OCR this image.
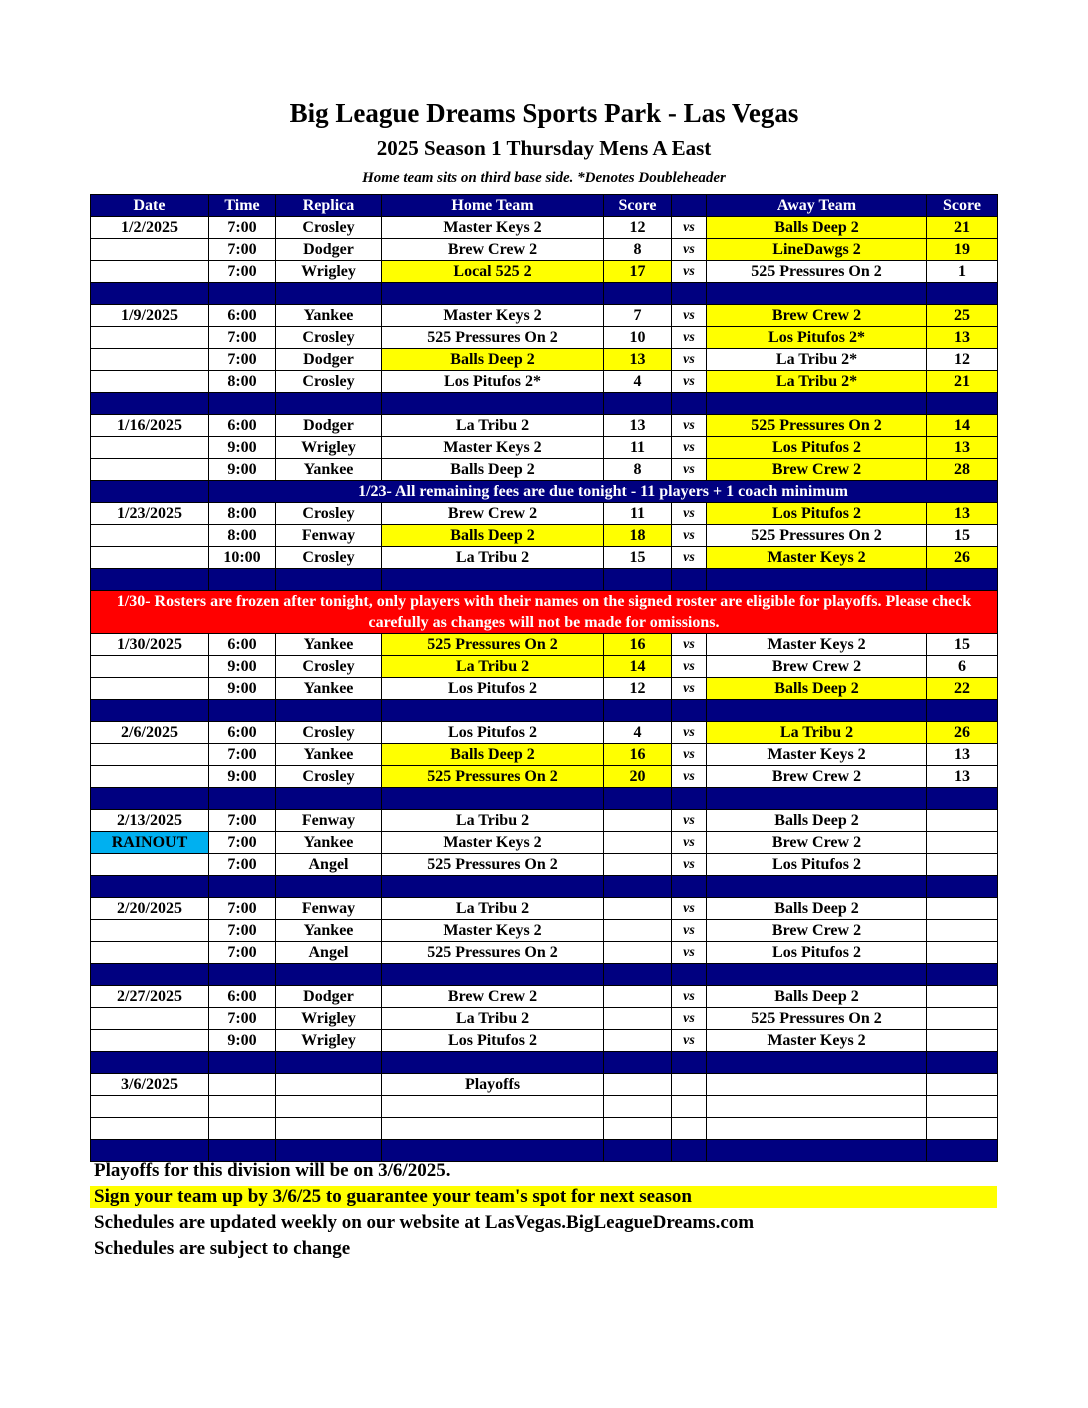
Big League Dreams Sports Park - Las Vegas
2025 Season 1 Thursday Mens A East
Home team sits on third base side. *Denotes Doubleheader
Date	Time	Replica	Home Team	Score		Away Team	Score
1/2/2025	7:00	Crosley	Master Keys 2	12	vs	Balls Deep 2	21
	7:00	Dodger	Brew Crew 2	8	vs	LineDawgs 2	19
	7:00	Wrigley	Local 525 2	17	vs	525 Pressures On 2	1

1/9/2025	6:00	Yankee	Master Keys 2	7	vs	Brew Crew 2	25
	7:00	Crosley	525 Pressures On 2	10	vs	Los Pitufos 2*	13
	7:00	Dodger	Balls Deep 2	13	vs	La Tribu 2*	12
	8:00	Crosley	Los Pitufos 2*	4	vs	La Tribu 2*	21

1/16/2025	6:00	Dodger	La Tribu 2	13	vs	525 Pressures On 2	14
	9:00	Wrigley	Master Keys 2	11	vs	Los Pitufos 2	13
	9:00	Yankee	Balls Deep 2	8	vs	Brew Crew 2	28
	1/23- All remaining fees are due tonight - 11 players + 1 coach minimum						
1/23/2025	8:00	Crosley	Brew Crew 2	11	vs	Los Pitufos 2	13
	8:00	Fenway	Balls Deep 2	18	vs	525 Pressures On 2	15
	10:00	Crosley	La Tribu 2	15	vs	Master Keys 2	26

1/30- Rosters are frozen after tonight, only players with their names on the signed roster are eligible for playoffs. Please check carefully as changes will not be made for omissions.							
1/30/2025	6:00	Yankee	525 Pressures On 2	16	vs	Master Keys 2	15
	9:00	Crosley	La Tribu 2	14	vs	Brew Crew 2	6
	9:00	Yankee	Los Pitufos 2	12	vs	Balls Deep 2	22

2/6/2025	6:00	Crosley	Los Pitufos 2	4	vs	La Tribu 2	26
	7:00	Yankee	Balls Deep 2	16	vs	Master Keys 2	13
	9:00	Crosley	525 Pressures On 2	20	vs	Brew Crew 2	13

2/13/2025	7:00	Fenway	La Tribu 2		vs	Balls Deep 2	
RAINOUT	7:00	Yankee	Master Keys 2		vs	Brew Crew 2	
	7:00	Angel	525 Pressures On 2		vs	Los Pitufos 2	

2/20/2025	7:00	Fenway	La Tribu 2		vs	Balls Deep 2	
	7:00	Yankee	Master Keys 2		vs	Brew Crew 2	
	7:00	Angel	525 Pressures On 2		vs	Los Pitufos 2	

2/27/2025	6:00	Dodger	Brew Crew 2		vs	Balls Deep 2	
	7:00	Wrigley	La Tribu 2		vs	525 Pressures On 2	
	9:00	Wrigley	Los Pitufos 2		vs	Master Keys 2	

3/6/2025			Playoffs				

Playoffs for this division will be on 3/6/2025.
Sign your team up by 3/6/25 to guarantee your team's spot for next season
Schedules are updated weekly on our website at LasVegas.BigLeagueDreams.com
Schedules are subject to change
